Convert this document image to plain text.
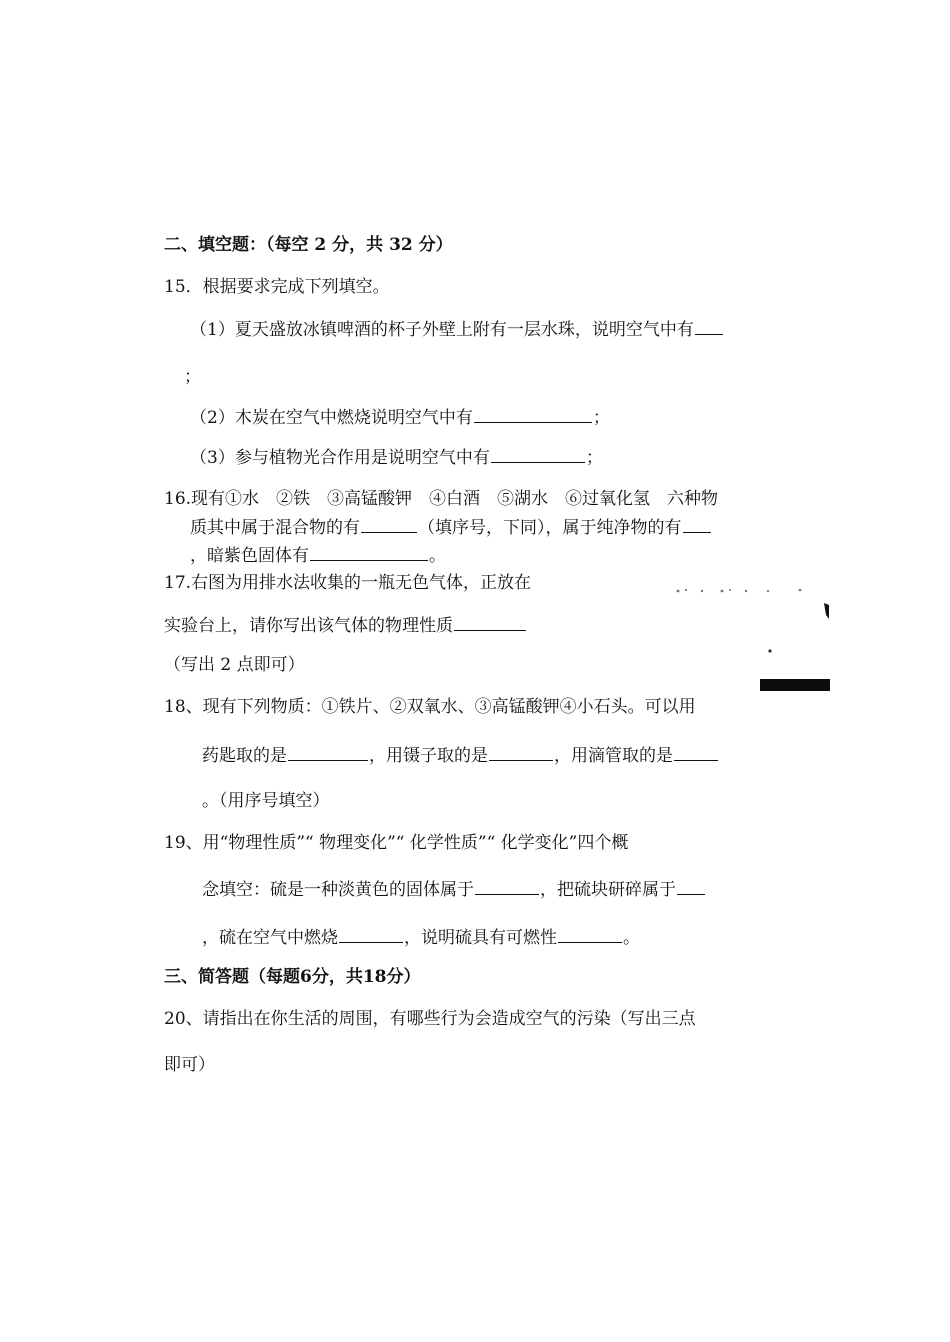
二、填空题：（每空 2 分，共 32 分）
15．根据要求完成下列填空。
（1）夏天盛放冰镇啤酒的杯子外壁上附有一层水珠，说明空气中有
；
（2）木炭在空气中燃烧说明空气中有	；
（3）参与植物光合作用是说明空气中有	；
16.现有①水　②铁　③高锰酸钾　④白酒　⑤湖水　⑥过氧化氢　六种物
质其中属于混合物的有	（填序号，下同），属于纯净物的有
，暗紫色固体有	。
17.右图为用排水法收集的一瓶无色气体，正放在
实验台上，请你写出该气体的物理性质
（写出 2 点即可）
18、现有下列物质：①铁片、②双氧水、③高锰酸钾④小石头。可以用
药匙取的是	，用镊子取的是	，用滴管取的是
。（用序号填空）
19、用“物理性质”“ 物理变化”“ 化学性质”“ 化学变化”四个概
念填空：硫是一种淡黄色的固体属于	，把硫块研碎属于
，硫在空气中燃烧	，说明硫具有可燃性	。
三、简答题（每题6分，共18分）
20、请指出在你生活的周围，有哪些行为会造成空气的污染（写出三点
即可）
